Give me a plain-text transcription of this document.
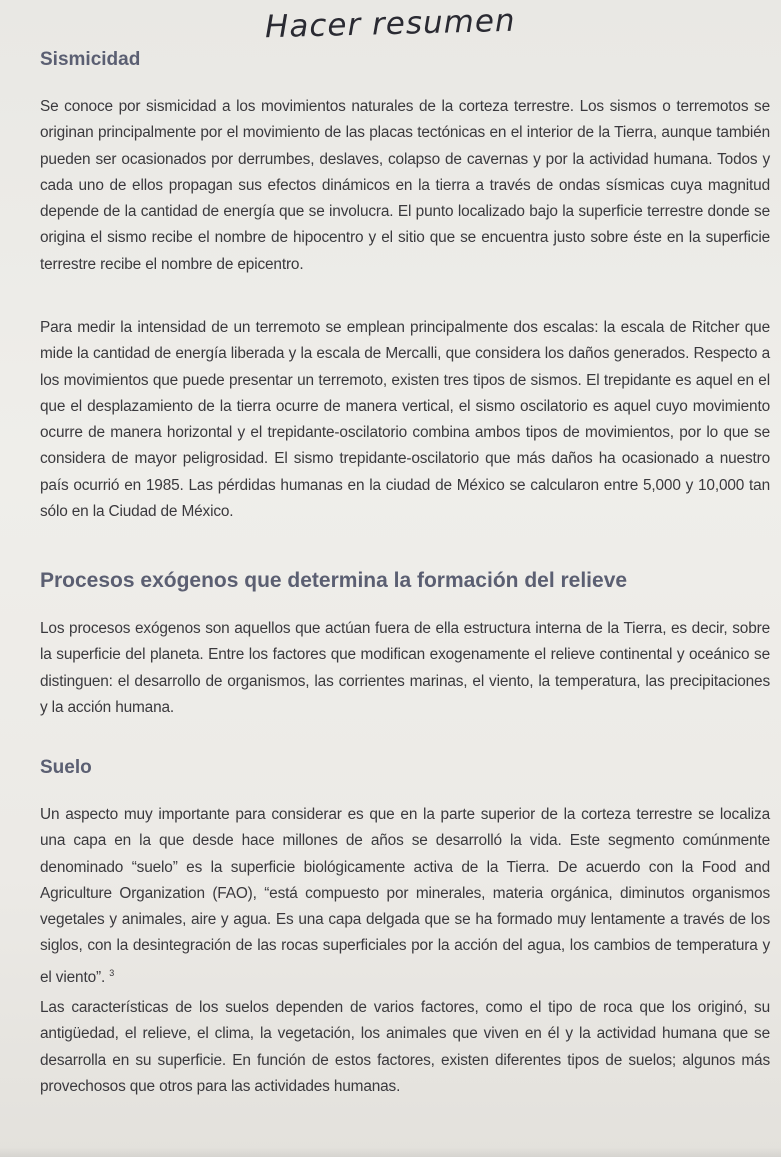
Hacer resumen
Sismicidad

Se conoce por sismicidad a los movimientos naturales de la corteza terrestre. Los sismos o terremotos se originan principalmente por el movimiento de las placas tectónicas en el interior de la Tierra, aunque también pueden ser ocasionados por derrumbes, deslaves, colapso de cavernas y por la actividad humana. Todos y cada uno de ellos propagan sus efectos dinámicos en la tierra a través de ondas sísmicas cuya magnitud depende de la cantidad de energía que se involucra. El punto localizado bajo la superficie terrestre donde se origina el sismo recibe el nombre de hipocentro y el sitio que se encuentra justo sobre éste en la superficie terrestre recibe el nombre de epicentro.

Para medir la intensidad de un terremoto se emplean principalmente dos escalas: la escala de Ritcher que mide la cantidad de energía liberada y la escala de Mercalli, que considera los daños generados. Respecto a los movimientos que puede presentar un terremoto, existen tres tipos de sismos. El trepidante es aquel en el que el desplazamiento de la tierra ocurre de manera vertical, el sismo oscilatorio es aquel cuyo movimiento ocurre de manera horizontal y el trepidante-oscilatorio combina ambos tipos de movimientos, por lo que se considera de mayor peligrosidad. El sismo trepidante-oscilatorio que más daños ha ocasionado a nuestro país ocurrió en 1985. Las pérdidas humanas en la ciudad de México se calcularon entre 5,000 y 10,000 tan sólo en la Ciudad de México.

Procesos exógenos que determina la formación del relieve

Los procesos exógenos son aquellos que actúan fuera de ella estructura interna de la Tierra, es decir, sobre la superficie del planeta. Entre los factores que modifican exogenamente el relieve continental y oceánico se distinguen: el desarrollo de organismos, las corrientes marinas, el viento, la temperatura, las precipitaciones y la acción humana.

Suelo

Un aspecto muy importante para considerar es que en la parte superior de la corteza terrestre se localiza una capa en la que desde hace millones de años se desarrolló la vida. Este segmento comúnmente denominado “suelo” es la superficie biológicamente activa de la Tierra. De acuerdo con la Food and Agriculture Organization (FAO), “está compuesto por minerales, materia orgánica, diminutos organismos vegetales y animales, aire y agua. Es una capa delgada que se ha formado muy lentamente a través de los siglos, con la desintegración de las rocas superficiales por la acción del agua, los cambios de temperatura y el viento”. $^3$

Las características de los suelos dependen de varios factores, como el tipo de roca que los originó, su antigüedad, el relieve, el clima, la vegetación, los animales que viven en él y la actividad humana que se desarrolla en su superficie. En función de estos factores, existen diferentes tipos de suelos; algunos más provechosos que otros para las actividades humanas.
